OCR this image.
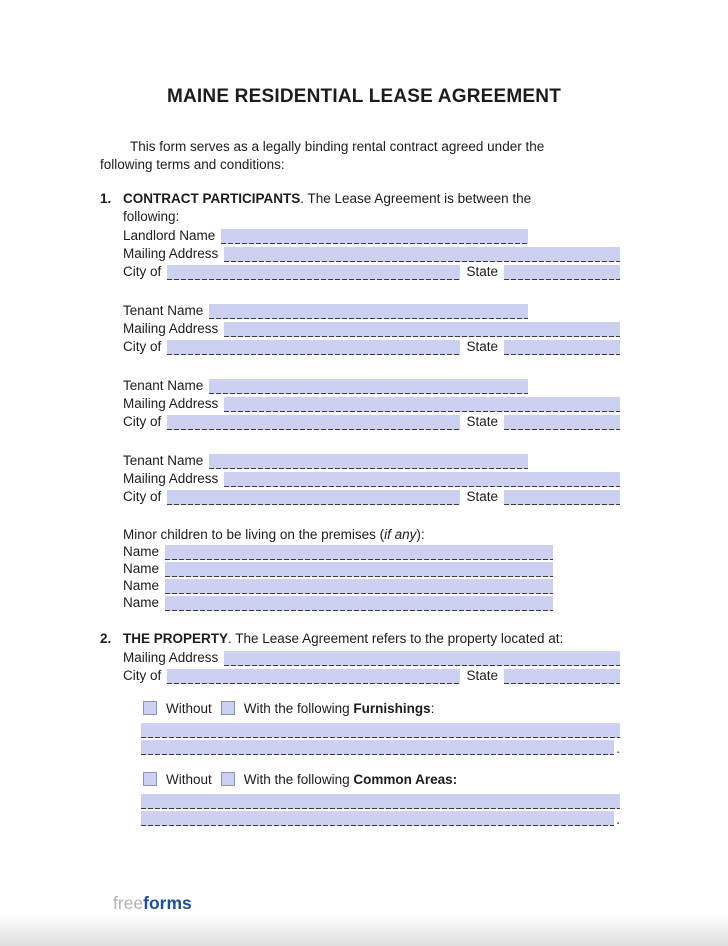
MAINE RESIDENTIAL LEASE AGREEMENT
This form serves as a legally binding rental contract agreed under the
following terms and conditions:
1. CONTRACT PARTICIPANTS. The Lease Agreement is between the
following:
Landlord Name
Mailing Address
City of	State
Tenant Name
Mailing Address
City of	State
Tenant Name
Mailing Address
City of	State
Tenant Name
Mailing Address
City of	State
Minor children to be living on the premises (if any):
Name
Name
Name
Name
2. THE PROPERTY. The Lease Agreement refers to the property located at:
Mailing Address
City of	State
Without With the following Furnishings:
.
Without With the following Common Areas:
.
freeforms
